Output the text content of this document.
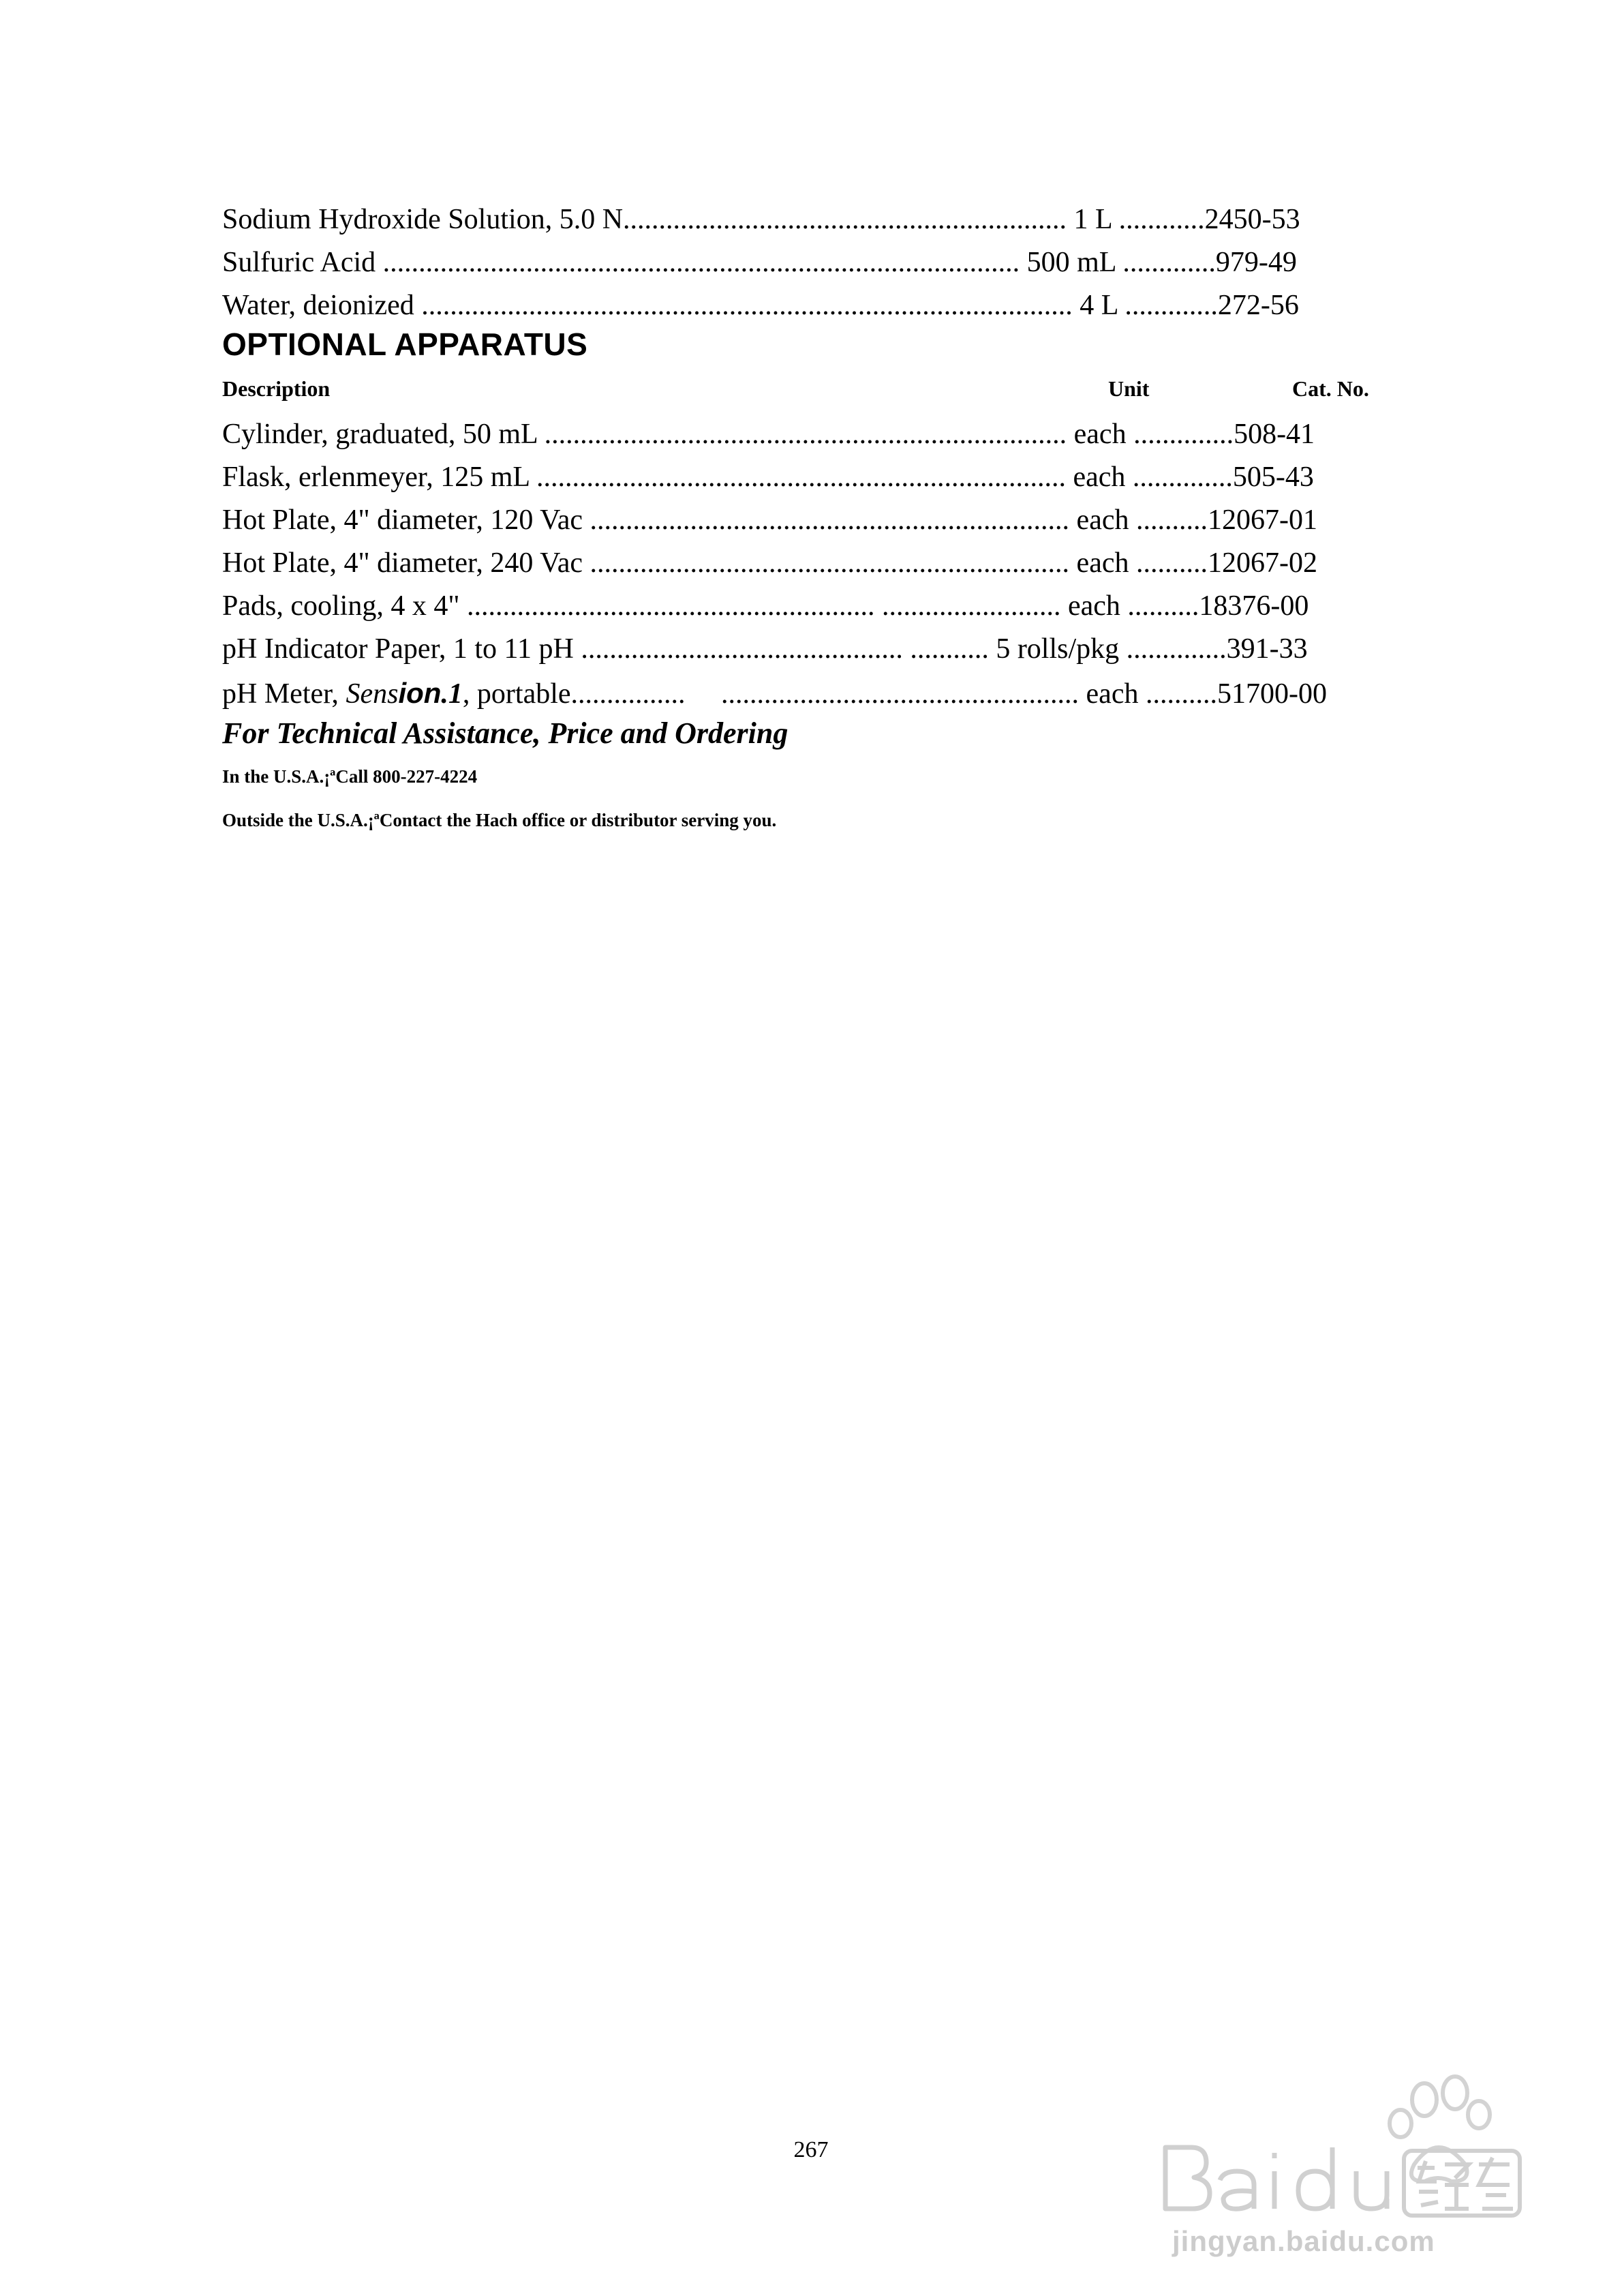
Sodium Hydroxide Solution, 5.0 N.............................................................. 1 L ............2450-53
Sulfuric Acid ......................................................................................... 500 mL .............979-49
Water, deionized ........................................................................................... 4 L .............272-56
OPTIONAL APPARATUS
Description	Unit	Cat. No.
Cylinder, graduated, 50 mL ......................................................................... each ..............508-41
Flask, erlenmeyer, 125 mL .......................................................................... each ..............505-43
Hot Plate, 4" diameter, 120 Vac ................................................................... each ..........12067-01
Hot Plate, 4" diameter, 240 Vac ................................................................... each ..........12067-02
Pads, cooling, 4 x 4" ......................................................... ......................... each ..........18376-00
pH Indicator Paper, 1 to 11 pH ............................................. ........... 5 rolls/pkg ..............391-33
pH Meter, Sension.1, portable................     .................................................. each ..........51700-00
For Technical Assistance, Price and Ordering
In the U.S.A.¡ªCall 800-227-4224
Outside the U.S.A.¡ªContact the Hach office or distributor serving you.
267
jingyan.baidu.com
